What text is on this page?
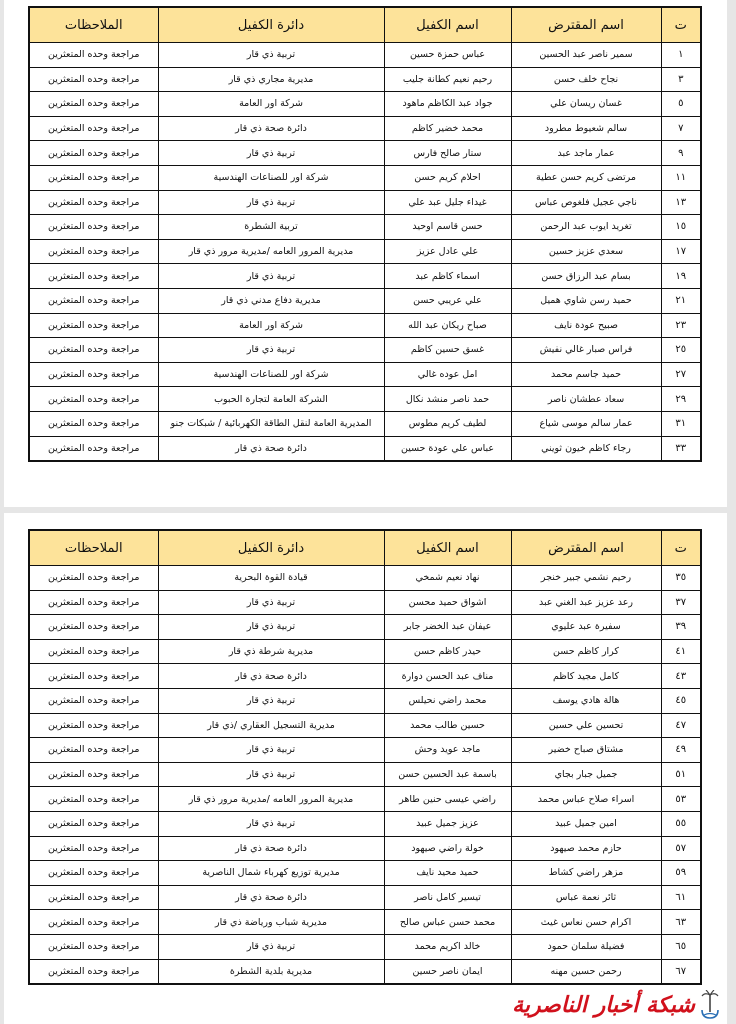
ت	اسم المقترض	اسم الكفيل	دائرة الكفيل	الملاحظات
١	سمير ناصر عبد الحسين	عباس حمزة حسين	تربية ذي قار	مراجعة وحده المتعثرين
٣	نجاح خلف حسن	رحيم نعيم كطانة جليب	مديرية مجاري ذي قار	مراجعة وحده المتعثرين
٥	غسان ريسان علي	جواد عبد الكاظم ماهود	شركة اور العامة	مراجعة وحده المتعثرين
٧	سالم شعيوط مطرود	محمد خضير كاظم	دائرة صحة ذي قار	مراجعة وحده المتعثرين
٩	عمار ماجد عبد	ستار صالح فارس	تربية ذي قار	مراجعة وحده المتعثرين
١١	مرتضى كريم حسن عطية	احلام كريم حسن	شركة اور للصناعات الهندسية	مراجعة وحده المتعثرين
١٣	ناجي عجيل فلغوص عباس	غيداء جليل عبد علي	تربية ذي قار	مراجعة وحده المتعثرين
١٥	تغريد ايوب عبد الرحمن	حسن قاسم اوحيد	تربية الشطرة	مراجعة وحده المتعثرين
١٧	سعدي عزيز حسين	علي عادل عزيز	مديرية المرور العامه /مديرية مرور ذي قار	مراجعة وحده المتعثرين
١٩	بسام عبد الرزاق حسن	اسماء كاظم عبد	تربية ذي قار	مراجعة وحده المتعثرين
٢١	حميد رسن شاوي هميل	علي عريبي حسن	مديرية دفاع مدني ذي قار	مراجعة وحده المتعثرين
٢٣	صبيح عودة نايف	صباح ريكان عبد الله	شركة اور العامة	مراجعة وحده المتعثرين
٢٥	فراس صبار غالي نفيش	غسق حسين كاظم	تربية ذي قار	مراجعة وحده المتعثرين
٢٧	حميد جاسم محمد	امل عوده غالي	شركة اور للصناعات الهندسية	مراجعة وحده المتعثرين
٢٩	سعاد عطشان ناصر	حمد ناصر منشد نكال	الشركة العامة لتجارة الحبوب	مراجعة وحده المتعثرين
٣١	عمار سالم موسى شياع	لطيف كريم مطوس	المديرية العامة لنقل الطاقة الكهربائية / شبكات جنو	مراجعة وحده المتعثرين
٣٣	رجاء كاظم خيون ثويني	عباس علي عودة حسين	دائرة صحة ذي قار	مراجعة وحده المتعثرين
ت	اسم المقترض	اسم الكفيل	دائرة الكفيل	الملاحظات
٣٥	رحيم نشمي جبير خنجر	نهاد نعيم شمخي	قيادة القوة البحرية	مراجعة وحده المتعثرين
٣٧	رعد عزيز عبد الغني عبد	اشواق حميد محسن	تربية ذي قار	مراجعة وحده المتعثرين
٣٩	سفيرة عبد عليوي	عيفان عبد الخضر جابر	تربية ذي قار	مراجعة وحده المتعثرين
٤١	كرار كاظم حسن	حيدر كاظم حسن	مديرية شرطة ذي قار	مراجعة وحده المتعثرين
٤٣	كامل مجيد كاظم	مناف عبد الحسن دوارة	دائرة صحة ذي قار	مراجعة وحده المتعثرين
٤٥	هالة هادي يوسف	محمد راضي نحيلس	تربية ذي قار	مراجعة وحده المتعثرين
٤٧	تحسين علي حسين	حسين طالب محمد	مديرية التسجيل العقاري /ذي قار	مراجعة وحده المتعثرين
٤٩	مشتاق صباح خضير	ماجد عويد وحش	تربية ذي قار	مراجعة وحده المتعثرين
٥١	جميل جبار بجاي	باسمة عبد الحسين حسن	تربية ذي قار	مراجعة وحده المتعثرين
٥٣	اسراء صلاح عباس محمد	راضي عيسى حنين طاهر	مديرية المرور العامه /مديرية مرور ذي قار	مراجعة وحده المتعثرين
٥٥	امين جميل عبيد	عزيز جميل عبيد	تربية ذي قار	مراجعة وحده المتعثرين
٥٧	حازم محمد صيهود	خولة راضي صيهود	دائرة صحة ذي قار	مراجعة وحده المتعثرين
٥٩	مزهر راضي كشاط	حميد محيد نايف	مديرية توزيع كهرباء شمال الناصرية	مراجعة وحده المتعثرين
٦١	ثائر نعمة عباس	تيسير كامل ناصر	دائرة صحة ذي قار	مراجعة وحده المتعثرين
٦٣	اكرام حسن نعاس غيث	محمد حسن عباس صالح	مديرية شباب ورياضة ذي قار	مراجعة وحده المتعثرين
٦٥	فضيلة سلمان حمود	خالد اكريم محمد	تربية ذي قار	مراجعة وحده المتعثرين
٦٧	رحمن حسين مهنه	ايمان ناصر حسين	مديرية بلدية الشطرة	مراجعة وحده المتعثرين
شبكة أخبار الناصرية
